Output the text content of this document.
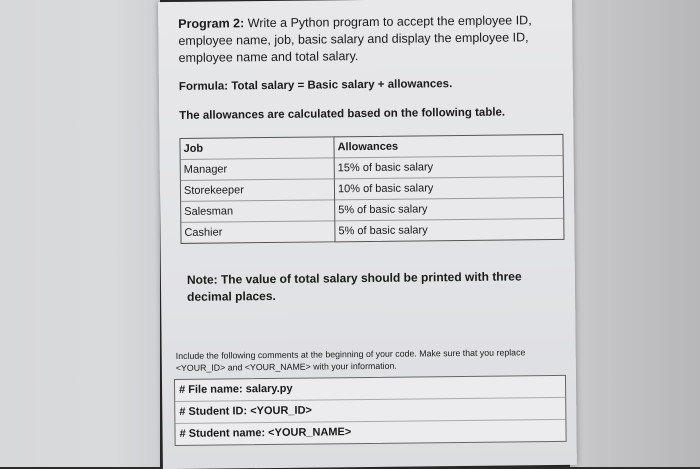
Program 2: Write a Python program to accept the employee ID, employee name, job, basic salary and display the employee ID, employee name and total salary.

Formula: Total salary = Basic salary + allowances.

The allowances are calculated based on the following table.

Job
Manager
Storekeeper
Salesman
Cashier
Allowances
15% of basic salary
10% of basic salary
5% of basic salary
5% of basic salary

Note: The value of total salary should be printed with three decimal places.

Include the following comments at the beginning of your code. Make sure that you replace <YOUR_ID> and <YOUR_NAME> with your information.

# File name: salary.py
# Student ID: <YOUR_ID>
# Student name: <YOUR_NAME>
